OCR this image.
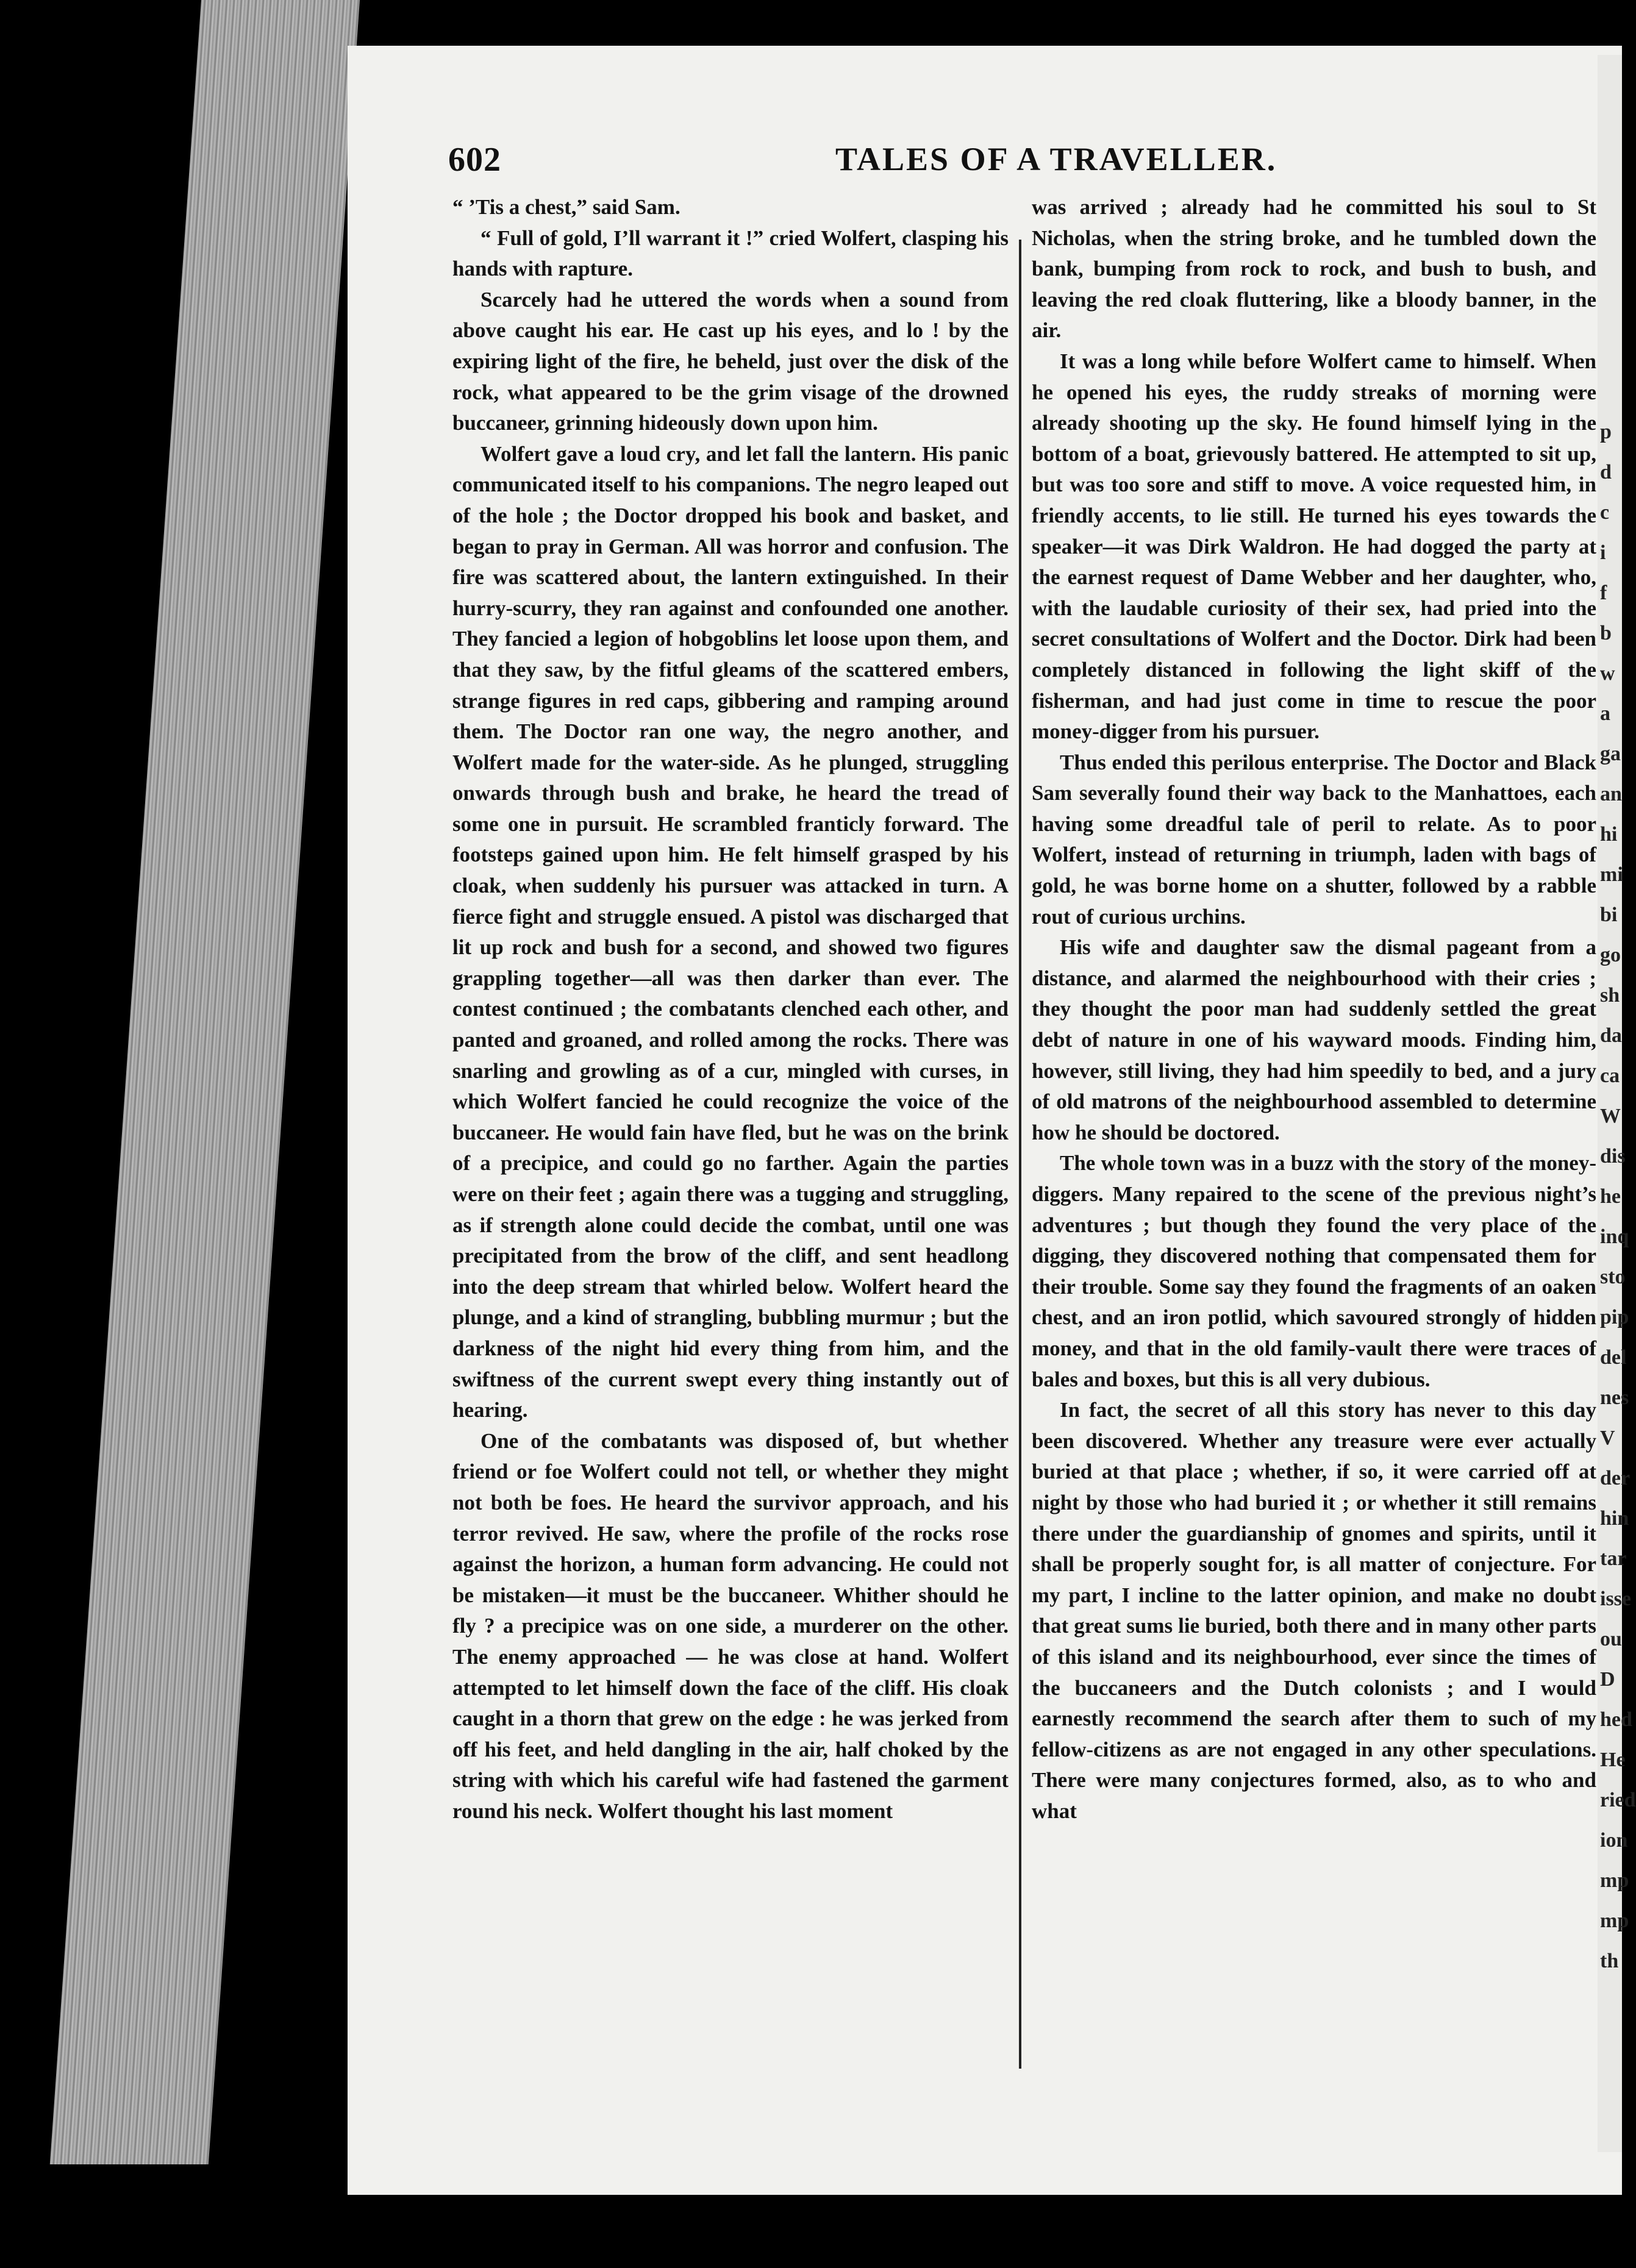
602	TALES OF A TRAVELLER.

“ ’Tis a chest,” said Sam.

“ Full of gold, I’ll warrant it !” cried Wolfert, clasping his hands with rapture.

Scarcely had he uttered the words when a sound from above caught his ear. He cast up his eyes, and lo ! by the expiring light of the fire, he beheld, just over the disk of the rock, what appeared to be the grim visage of the drowned buccaneer, grinning hideously down upon him.

Wolfert gave a loud cry, and let fall the lantern. His panic communicated itself to his companions. The negro leaped out of the hole ; the Doctor dropped his book and basket, and began to pray in German. All was horror and confusion. The fire was scattered about, the lantern extinguished. In their hurry-scurry, they ran against and confounded one another. They fancied a legion of hobgoblins let loose upon them, and that they saw, by the fitful gleams of the scattered embers, strange figures in red caps, gibbering and ramping around them. The Doctor ran one way, the negro another, and Wolfert made for the water-side. As he plunged, struggling onwards through bush and brake, he heard the tread of some one in pursuit. He scrambled franticly forward. The footsteps gained upon him. He felt himself grasped by his cloak, when suddenly his pursuer was attacked in turn. A fierce fight and struggle ensued. A pistol was discharged that lit up rock and bush for a second, and showed two figures grappling together—all was then darker than ever. The contest continued ; the combatants clenched each other, and panted and groaned, and rolled among the rocks. There was snarling and growling as of a cur, mingled with curses, in which Wolfert fancied he could recognize the voice of the buccaneer. He would fain have fled, but he was on the brink of a precipice, and could go no farther. Again the parties were on their feet ; again there was a tugging and struggling, as if strength alone could decide the combat, until one was precipitated from the brow of the cliff, and sent headlong into the deep stream that whirled below. Wolfert heard the plunge, and a kind of strangling, bubbling murmur ; but the darkness of the night hid every thing from him, and the swiftness of the current swept every thing instantly out of hearing.

One of the combatants was disposed of, but whether friend or foe Wolfert could not tell, or whether they might not both be foes. He heard the survivor approach, and his terror revived. He saw, where the profile of the rocks rose against the horizon, a human form advancing. He could not be mistaken—it must be the buccaneer. Whither should he fly ? a precipice was on one side, a murderer on the other. The enemy approached — he was close at hand. Wolfert attempted to let himself down the face of the cliff. His cloak caught in a thorn that grew on the edge : he was jerked from off his feet, and held dangling in the air, half choked by the string with which his careful wife had fastened the garment round his neck. Wolfert thought his last moment

was arrived ; already had he committed his soul to St Nicholas, when the string broke, and he tumbled down the bank, bumping from rock to rock, and bush to bush, and leaving the red cloak fluttering, like a bloody banner, in the air.

It was a long while before Wolfert came to himself. When he opened his eyes, the ruddy streaks of morning were already shooting up the sky. He found himself lying in the bottom of a boat, grievously battered. He attempted to sit up, but was too sore and stiff to move. A voice requested him, in friendly accents, to lie still. He turned his eyes towards the speaker—it was Dirk Waldron. He had dogged the party at the earnest request of Dame Webber and her daughter, who, with the laudable curiosity of their sex, had pried into the secret consultations of Wolfert and the Doctor. Dirk had been completely distanced in following the light skiff of the fisherman, and had just come in time to rescue the poor money-digger from his pursuer.

Thus ended this perilous enterprise. The Doctor and Black Sam severally found their way back to the Manhattoes, each having some dreadful tale of peril to relate. As to poor Wolfert, instead of returning in triumph, laden with bags of gold, he was borne home on a shutter, followed by a rabble rout of curious urchins.

His wife and daughter saw the dismal pageant from a distance, and alarmed the neighbourhood with their cries ; they thought the poor man had suddenly settled the great debt of nature in one of his wayward moods. Finding him, however, still living, they had him speedily to bed, and a jury of old matrons of the neighbourhood assembled to determine how he should be doctored.

The whole town was in a buzz with the story of the money-diggers. Many repaired to the scene of the previous night’s adventures ; but though they found the very place of the digging, they discovered nothing that compensated them for their trouble. Some say they found the fragments of an oaken chest, and an iron potlid, which savoured strongly of hidden money, and that in the old family-vault there were traces of bales and boxes, but this is all very dubious.

In fact, the secret of all this story has never to this day been discovered. Whether any treasure were ever actually buried at that place ; whether, if so, it were carried off at night by those who had buried it ; or whether it still remains there under the guardianship of gnomes and spirits, until it shall be properly sought for, is all matter of conjecture. For my part, I incline to the latter opinion, and make no doubt that great sums lie buried, both there and in many other parts of this island and its neighbourhood, ever since the times of the buccaneers and the Dutch colonists ; and I would earnestly recommend the search after them to such of my fellow-citizens as are not engaged in any other speculations. There were many conjectures formed, also, as to who and what

p
d
c
i
f
b
w
a
ga
an
hi
mi
bi
go
sh
da
ca
W
dis
he
inq
sto
pip
del
nes
V
der
hin
tar
isse
ou
D
hed
He
ried
ion
mp
mp
th
